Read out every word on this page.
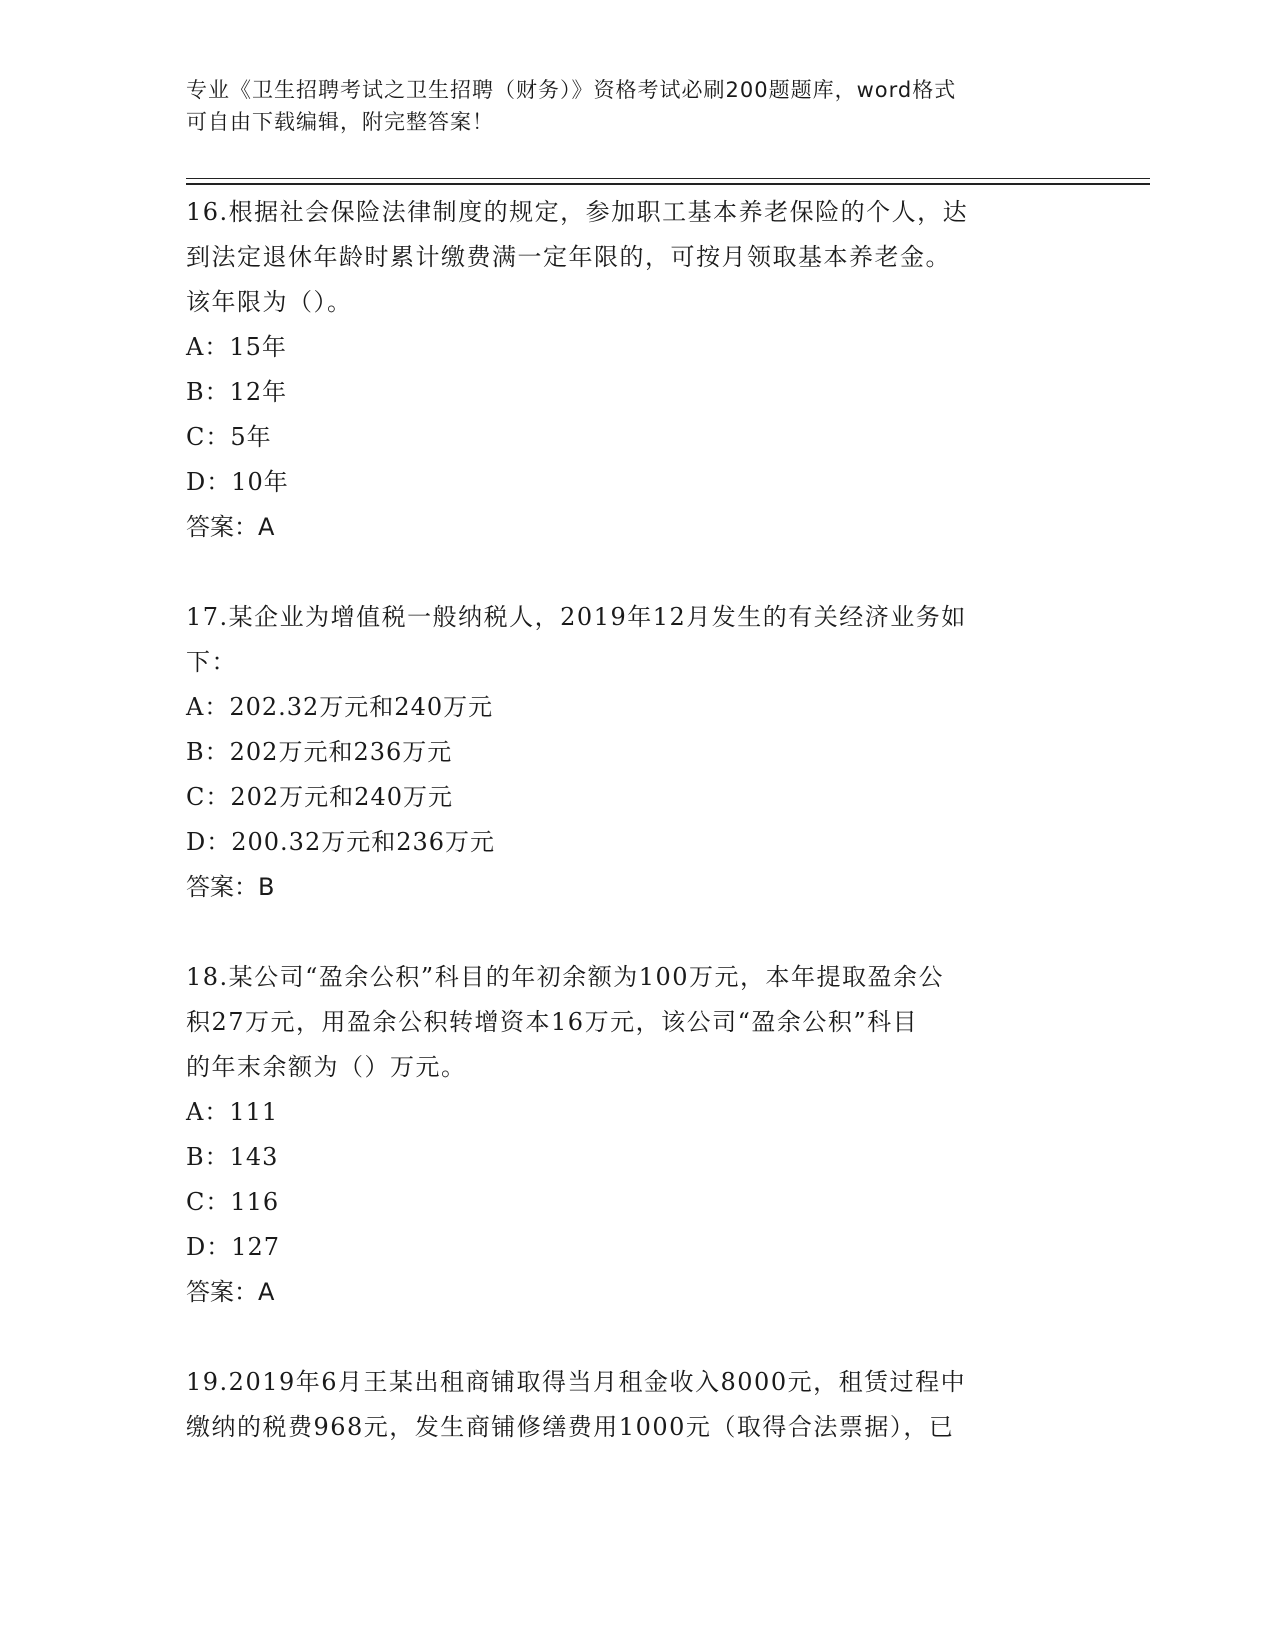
专业《卫生招聘考试之卫生招聘（财务）》资格考试必刷200题题库，word格式
可自由下载编辑，附完整答案！

16.根据社会保险法律制度的规定，参加职工基本养老保险的个人，达
到法定退休年龄时累计缴费满一定年限的，可按月领取基本养老金。
该年限为（）。

A：15年
B：12年
C：5年
D：10年
答案：A

17.某企业为增值税一般纳税人，2019年12月发生的有关经济业务如
下：

A：202.32万元和240万元
B：202万元和236万元
C：202万元和240万元
D：200.32万元和236万元
答案：B

18.某公司“盈余公积”科目的年初余额为100万元，本年提取盈余公
积27万元，用盈余公积转增资本16万元，该公司“盈余公积”科目
的年末余额为（）万元。

A：111
B：143
C：116
D：127
答案：A

19.2019年6月王某出租商铺取得当月租金收入8000元，租赁过程中
缴纳的税费968元，发生商铺修缮费用1000元（取得合法票据），已
